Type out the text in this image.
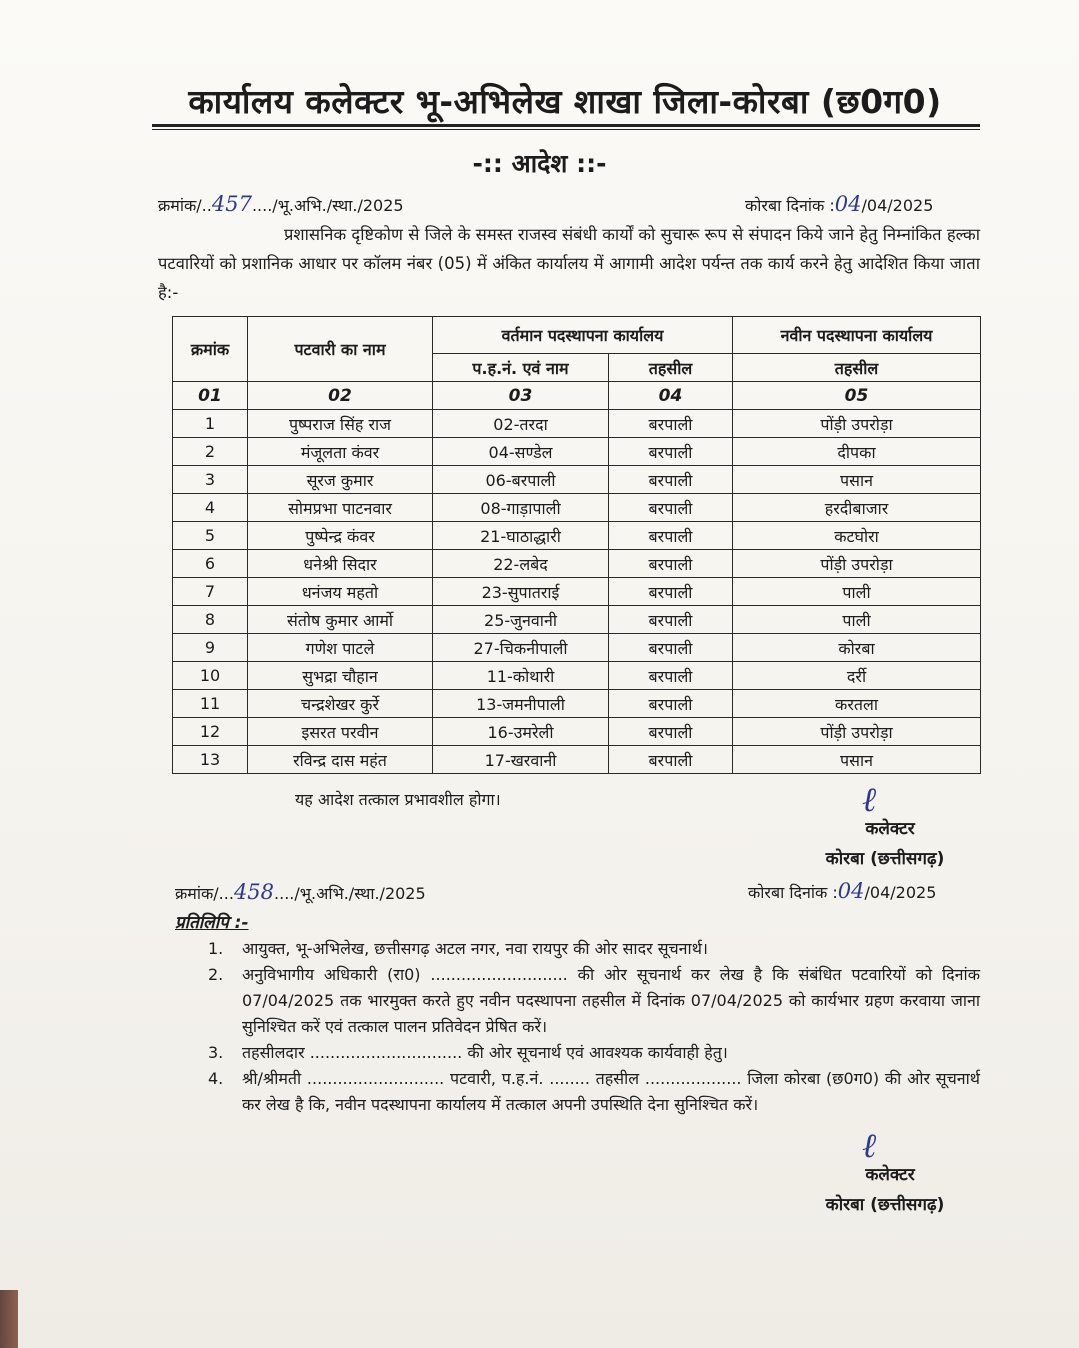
कार्यालय कलेक्टर भू-अभिलेख शाखा जिला-कोरबा (छ0ग0)
-:: आदेश ::-
क्रमांक/..457..../भू.अभि./स्था./2025	कोरबा दिनांक :04/04/2025
प्रशासनिक दृष्टिकोण से जिले के समस्त राजस्व संबंधी कार्यों को सुचारू रूप से संपादन किये जाने हेतु निम्नांकित हल्का पटवारियों को प्रशानिक आधार पर कॉलम नंबर (05) में अंकित कार्यालय में आगामी आदेश पर्यन्त तक कार्य करने हेतु आदेशित किया जाता है:-
क्रमांक	पटवारी का नाम	वर्तमान पदस्थापना कार्यालय		नवीन पदस्थापना कार्यालय
		प.ह.नं. एवं नाम	तहसील	तहसील
01	02	03	04	05
1	पुष्पराज सिंह राज	02-तरदा	बरपाली	पोंड़ी उपरोड़ा
2	मंजूलता कंवर	04-सण्डेल	बरपाली	दीपका
3	सूरज कुमार	06-बरपाली	बरपाली	पसान
4	सोमप्रभा पाटनवार	08-गाड़ापाली	बरपाली	हरदीबाजार
5	पुष्पेन्द्र कंवर	21-घाठाद्धारी	बरपाली	कटघोरा
6	धनेश्री सिदार	22-लबेद	बरपाली	पोंड़ी उपरोड़ा
7	धनंजय महतो	23-सुपातराई	बरपाली	पाली
8	संतोष कुमार आर्मो	25-जुनवानी	बरपाली	पाली
9	गणेश पाटले	27-चिकनीपाली	बरपाली	कोरबा
10	सुभद्रा चौहान	11-कोथारी	बरपाली	दर्री
11	चन्द्रशेखर कुर्रे	13-जमनीपाली	बरपाली	करतला
12	इसरत परवीन	16-उमरेली	बरपाली	पोंड़ी उपरोड़ा
13	रविन्द्र दास महंत	17-खरवानी	बरपाली	पसान
यह आदेश तत्काल प्रभावशील होगा।	ℓ
कलेक्टर
कोरबा (छत्तीसगढ़)
क्रमांक/...458..../भू.अभि./स्था./2025	कोरबा दिनांक :04/04/2025
प्रतिलिपि :-
1.	आयुक्त, भू-अभिलेख, छत्तीसगढ़ अटल नगर, नवा रायपुर की ओर सादर सूचनार्थ।
2.	अनुविभागीय अधिकारी (रा0) ........................... की ओर सूचनार्थ कर लेख है कि संबंधित पटवारियों को दिनांक 07/04/2025 तक भारमुक्त करते हुए नवीन पदस्थापना तहसील में दिनांक 07/04/2025 को कार्यभार ग्रहण करवाया जाना सुनिश्चित करें एवं तत्काल पालन प्रतिवेदन प्रेषित करें।
3.	तहसीलदार .............................. की ओर सूचनार्थ एवं आवश्यक कार्यवाही हेतु।
4.	श्री/श्रीमती ........................... पटवारी, प.ह.नं. ........ तहसील ................... जिला कोरबा (छ0ग0) की ओर सूचनार्थ कर लेख है कि, नवीन पदस्थापना कार्यालय में तत्काल अपनी उपस्थिति देना सुनिश्चित करें।
ℓ
कलेक्टर
कोरबा (छत्तीसगढ़)
